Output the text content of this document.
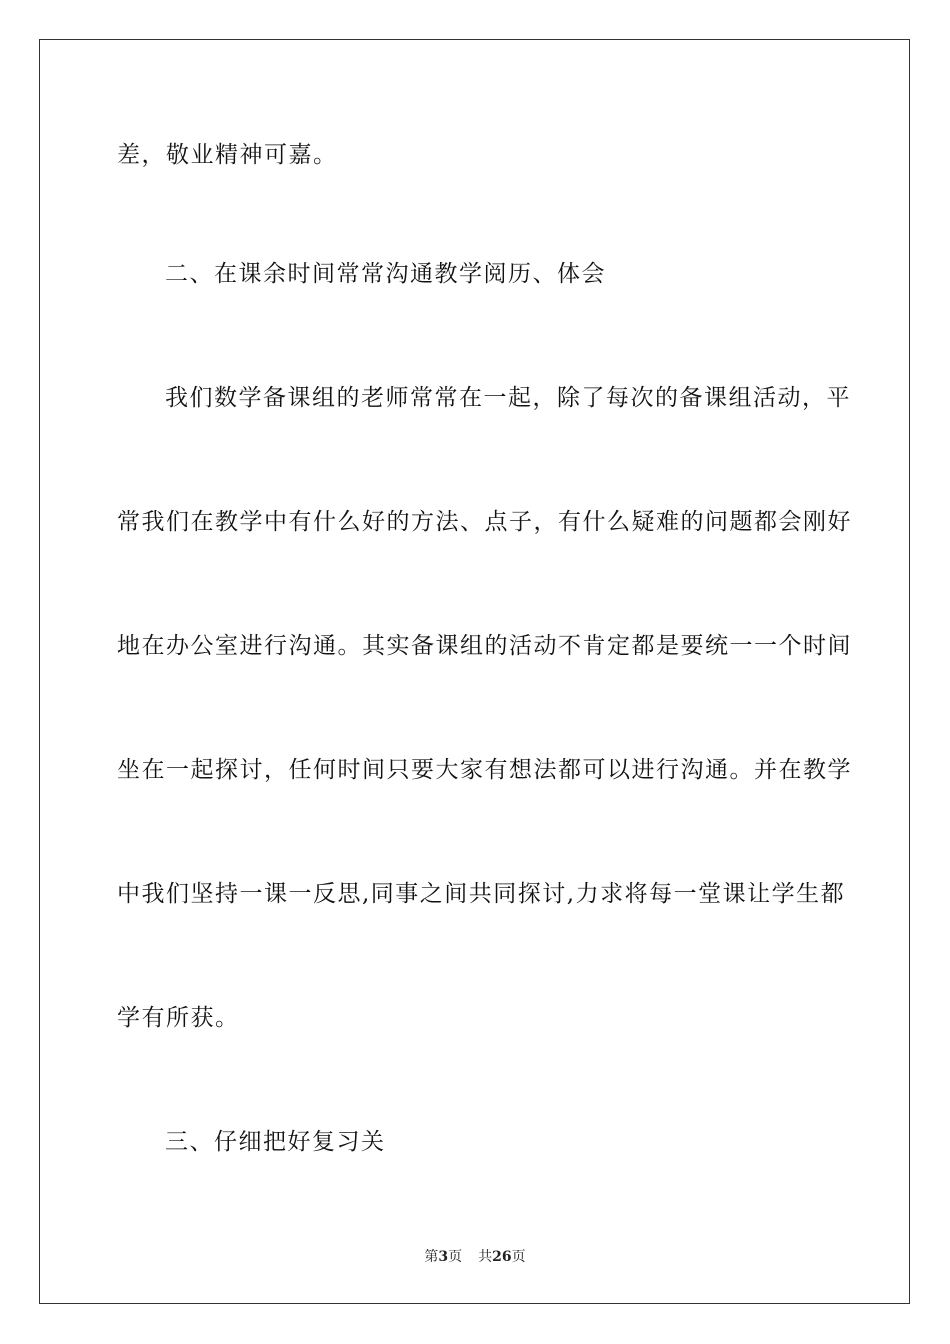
差，敬业精神可嘉。
二、在课余时间常常沟通教学阅历、体会
我们数学备课组的老师常常在一起，除了每次的备课组活动，平
常我们在教学中有什么好的方法、点子，有什么疑难的问题都会刚好
地在办公室进行沟通。其实备课组的活动不肯定都是要统一一个时间
坐在一起探讨，任何时间只要大家有想法都可以进行沟通。并在教学
中我们坚持一课一反思,同事之间共同探讨,力求将每一堂课让学生都
学有所获。
三、仔细把好复习关
第3页 共26页
